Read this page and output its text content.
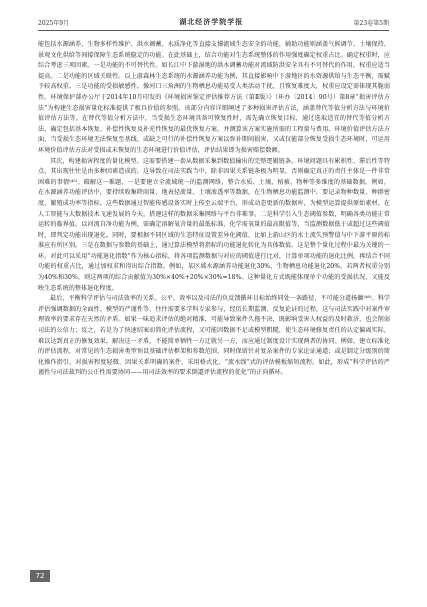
2025年9月	湖北经济学院学报	第23卷第5期

能包括水源涵养、生物多样性维护、洪水调蓄、水质净化等直接支撑流域生态安全的功能，辅助功能则涵盖气候调节、土壤保持、景观文化供给等间接保障生态系统稳定的功能。在此基础上，结合功能对生态系统整体的作用强度确定权重占比。确定权重时，应综合考虑三项因素。一是功能的不可替代性。如长江中下游湿地的洪水调蓄功能对流域防洪安全具有不可替代的作用，权重应适当提高。二是功能的区域关联性。以上游森林生态系统的水源涵养功能为例，其直接影响中下游地区的水资源供给与生态平衡，需赋予较高权重。三是功能的受损敏感性。像河口三角洲的生物栖息功能易受人类活动干扰，且恢复难度大，权重应设定需体现其脆弱性。环境保护部办公厅于2014年10月印发的《环境损害鉴定评估推荐方法（第Ⅱ版）》（环办〔2014〕90号）第8章“损害评估方法”为构建生态损害量化标准提供了极具价值的参照。该部分内容详细阐述了多种损害评估方法，涵盖替代等值分析方法与环境价值评估方法等。在替代等值分析方法中，当受损生态环境具备可恢复性时，需先确立恢复目标，通过选取适宜的替代等值分析方法，确定包括基本恢复、补偿性恢复及补充性恢复的最优恢复方案，并测算该方案实施所需的工程量与费用。环境价值评估方法方面，当受损生态环境无法恢复至基线，或缺乏可行的补偿性恢复方案以弥补期间损害，又或仅能部分恢复受损生态环境时，可运用环境价值评估方法对受损或未恢复的生态环境进行价值评估，评估结果即为损害赔偿数额。

其次，构建损害程度的量化模型。这需要搭建一套从数据采集到数值输出的完整逻辑链条。环境问题具有累积性、滞后性等特点，其出现往往是由多种因素造成的，这导致在司法实践当中，除非因果关系链条极为明显，否则确定真正的责任主体是一件非常困难的事情⁽⁴⁵⁾。破解这一难题，一是要建立全流域统一的监测网络，整合水质、土壤、植被、物种等多维度的基础数据。例如，在水源涵养功能评估中，要持续收集降雨量、地表径流量、土壤渗透率等数据，在生物栖息功能监测中，要记录物种数量、种群密度、繁殖成功率等指标。这些数据通过智能传感设备实时上传至云端平台，形成动态更新的数据库，为模型运算提供原始素材。在人工智能与大数据技术飞速发展的今天，搭建这样的数据采集网络与平台非难事。二是科学引入生态阈值参数，明确各类功能正常运转的临界值。以河流自净功能为例，需确定溶解氧含量的最低标准、化学需氧量的最高限值等，当监测数据低于或超过这些阈值时，即判定功能出现退化。同时，要根据不同区域的生态特征设置差异化阈值，比如上游山区的水土流失预警值与中下游平原的标准应有所区别。三是在数据与参数的基础上，通过算法模型将指标的功能退化转化为具体数值。这是整个量化过程中最为关键的一环。对此可以采用“功能退化指数”作为核心指标，将各项监测数据与对应的阈值进行比对，计算单项功能的退化比例，再结合不同功能的权重占比，通过加权求和得出综合指数。例如，某区域水源涵养功能退化30%，生物栖息功能退化20%，若两者权重分别为40%和30%，则这两项的综合贡献值为30%×40%+20%×30%=18%。这种量化方式既能体现单个功能的受损状况，又能反映生态系统的整体退化程度。

最后，平衡科学评估与司法效率的关系。公平、效率以及司法的负反馈循环目标始终同处一条路径，不可能分道扬镳⁽⁴⁶⁾。科学评估强调数据的全面性、模型的严谨性等，往往需要多学科专家参与，经历长期监测、反复论证的过程，这与司法实践中对案件审理效率的要求存在天然的矛盾。如果一味追求评估的绝对精准，可能导致案件久拖不决，既影响受害人权益的及时救济，也会削弱司法的公信力；反之，若是为了快速结案而简化评估流程，又可能因数据不足或模型粗糙，使生态环境修复责任的认定偏离实际，难以达到真正的修复效果。解决这一矛盾，不能简单牺牲一方迁就另一方，而应通过制度设计实现两者的协同。例如，建立标准化的评估流程，对常见的生态损害类型预设基础评估框架和参数范围，同时保留针对复杂案件的专家论证通道；或是制定分级别的简化操作指引，对损害程度轻微、因果关系明确的案件，采用格式化、“流水线”式的评估模板缩短流程。如此，形成“科学评估的严谨性与司法裁判的公正性需要协同——用司法效率的要求倒逼评估流程的优化”的正向循环。

72
